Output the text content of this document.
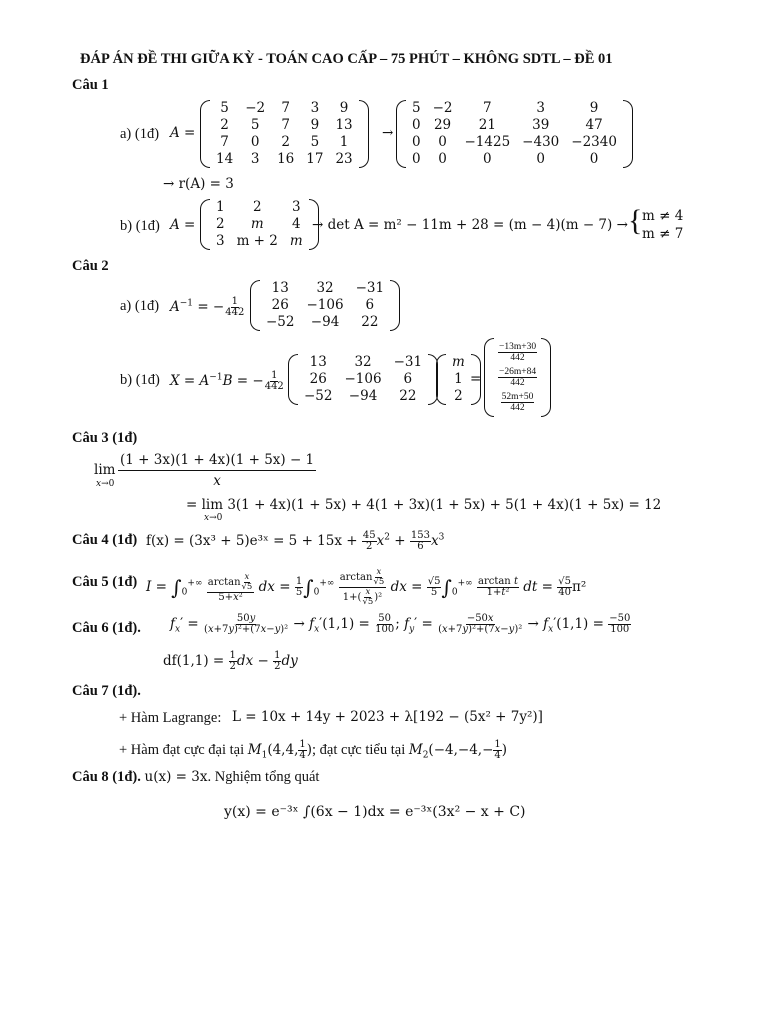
ĐÁP ÁN ĐỀ THI GIỮA KỲ - TOÁN CAO CẤP – 75 PHÚT – KHÔNG SDTL – ĐỀ 01
Câu 1
a) (1đ) A =
5	−2	7	3	9
2	5	7	9	13
7	0	2	5	1
14	3	16	17	23
→
5	−2	7	3	9
0	29	21	39	47
0	0	−1425	−430	−2340
0	0	0	0	0
→ r(A) = 3
b) (1đ) A =
1	2	3
2	m	4
3	m + 2	m
→ det A = m² − 11m + 28 = (m − 4)(m − 7) → { m ≠ 4
m ≠ 7
Câu 2
a) (1đ) $A^{-1}$ = − $\frac{1}{442}$
13	32	−31
26	−106	6
−52	−94	22
b) (1đ) $X = A^{-1}B$ = − $\frac{1}{442}$
13	32	−31
26	−106	6
−52	−94	22
m
1
2
=
$\frac{-13m+30}{442}$
$\frac{-26m+84}{442}$
$\frac{52m+50}{442}$
Câu 3 (1đ)
lim
$x\to 0 \frac{(1 + 3x)(1 + 4x)(1 + 5x) - 1}{x}$
= lim 3(1 + 4x)(1 + 5x) + 4(1 + 3x)(1 + 5x) + 5(1 + 4x)(1 + 5x) = 12
x→0
Câu 4 (1đ) f(x) = (3x³ + 5)e³ˣ = $5 + 15x + \frac{45}{2} x^2 + \frac{153}{6} x^3$
Câu 5 (1đ) $I = \int_0^{+\infty} \frac{\arctan \frac{x}{√5}}{\text{5+x²}}$ dx = $\frac{1}{5} \int_0^{+\infty} \frac{\arctan \frac{x}{√5}}{1+( \frac{x}{√5} )^2}$ dx = $\frac{√5}{5} \int_0^{+\infty} \frac{\text{arctan t}}{\text{1+t²}}$ dt = $\frac{√5}{40} \pi^2$
Câu 6 (1đ). $f_x' = \frac{50y}{\text{(x+7y)²+(7x−y)²}} \to f_x'(1,1) = \frac{50}{100}$ ; $f_y' = \frac{-50x}{\text{(x+7y)²+(7x−y)²}} \to f_x'(1,1) = \frac{-50}{100}$
$df(1,1) = \frac{1}{2}$ dx − $\frac{1}{2}$ dy
Câu 7 (1đ).
+ Hàm Lagrange: L = 10x + 14y + 2023 + λ[192 − (5x² + 7y²)]
+ Hàm đạt cực đại tại $M_1(4,4$, $\frac{1}{4}$ ); đạt cực tiểu tại $M_2(-4,-4,- \frac{1}{4}$ )
Câu 8 (1đ). u(x) = 3x. Nghiệm tổng quát
y(x) = e⁻³ˣ ∫(6x − 1)dx = e⁻³ˣ(3x² − x + C)
